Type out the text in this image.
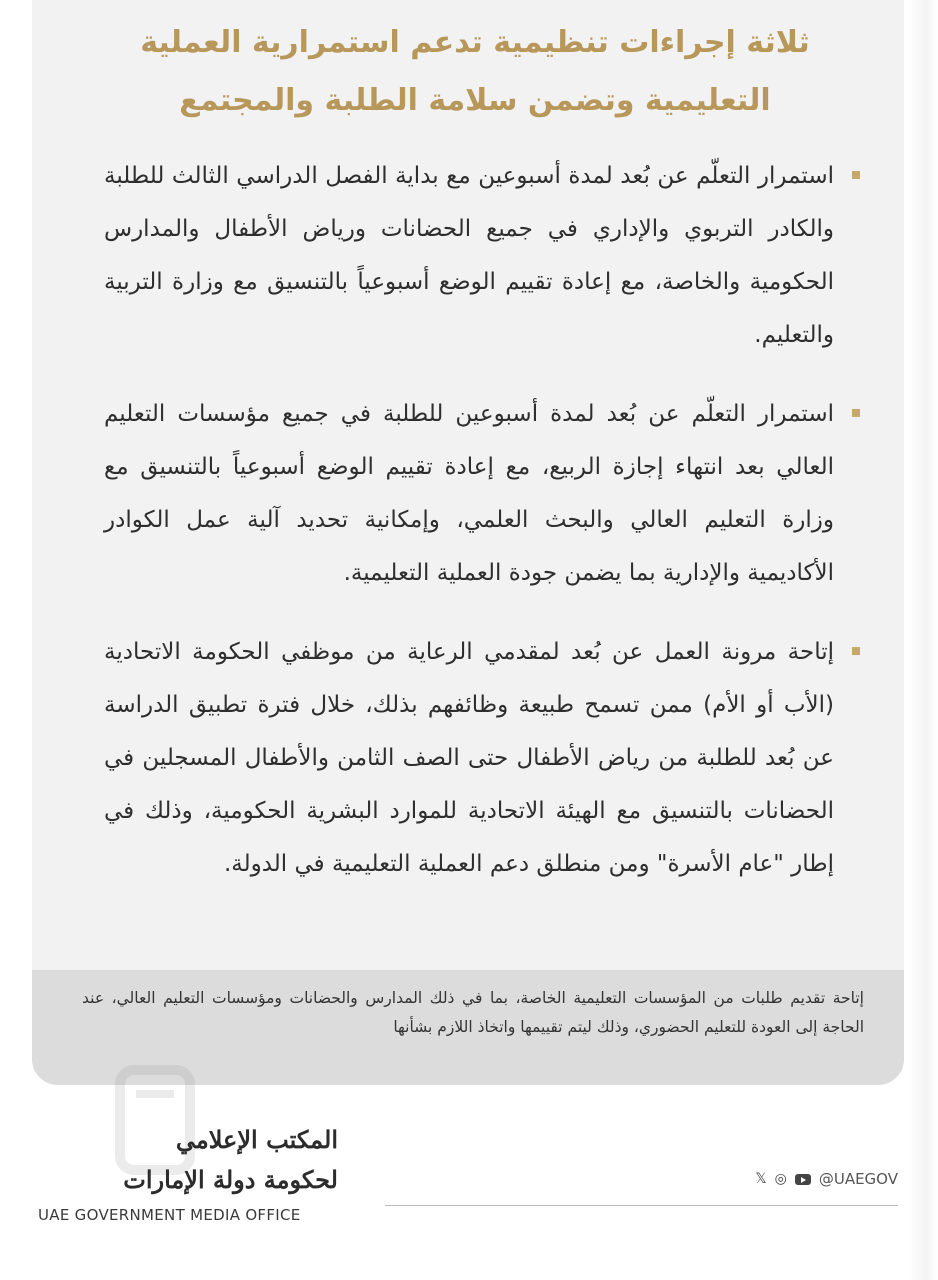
ثلاثة إجراءات تنظيمية تدعم استمرارية العملية
التعليمية وتضمن سلامة الطلبة والمجتمع
استمرار التعلّم عن بُعد لمدة أسبوعين مع بداية الفصل الدراسي الثالث للطلبة والكادر التربوي والإداري في جميع الحضانات ورياض الأطفال والمدارس الحكومية والخاصة، مع إعادة تقييم الوضع أسبوعياً بالتنسيق مع وزارة التربية والتعليم.
استمرار التعلّم عن بُعد لمدة أسبوعين للطلبة في جميع مؤسسات التعليم العالي بعد انتهاء إجازة الربيع، مع إعادة تقييم الوضع أسبوعياً بالتنسيق مع وزارة التعليم العالي والبحث العلمي، وإمكانية تحديد آلية عمل الكوادر الأكاديمية والإدارية بما يضمن جودة العملية التعليمية.
إتاحة مرونة العمل عن بُعد لمقدمي الرعاية من موظفي الحكومة الاتحادية (الأب أو الأم) ممن تسمح طبيعة وظائفهم بذلك، خلال فترة تطبيق الدراسة عن بُعد للطلبة من رياض الأطفال حتى الصف الثامن والأطفال المسجلين في الحضانات بالتنسيق مع الهيئة الاتحادية للموارد البشرية الحكومية، وذلك في إطار "عام الأسرة" ومن منطلق دعم العملية التعليمية في الدولة.

إتاحة تقديم طلبات من المؤسسات التعليمية الخاصة، بما في ذلك المدارس والحضانات ومؤسسات التعليم العالي، عند الحاجة إلى العودة للتعليم الحضوري، وذلك ليتم تقييمها واتخاذ اللازم بشأنها

المكتب الإعلامي
لحكومة دولة الإمارات
UAE GOVERNMENT MEDIA OFFICE
𝕏 ◎ @UAEGOV
